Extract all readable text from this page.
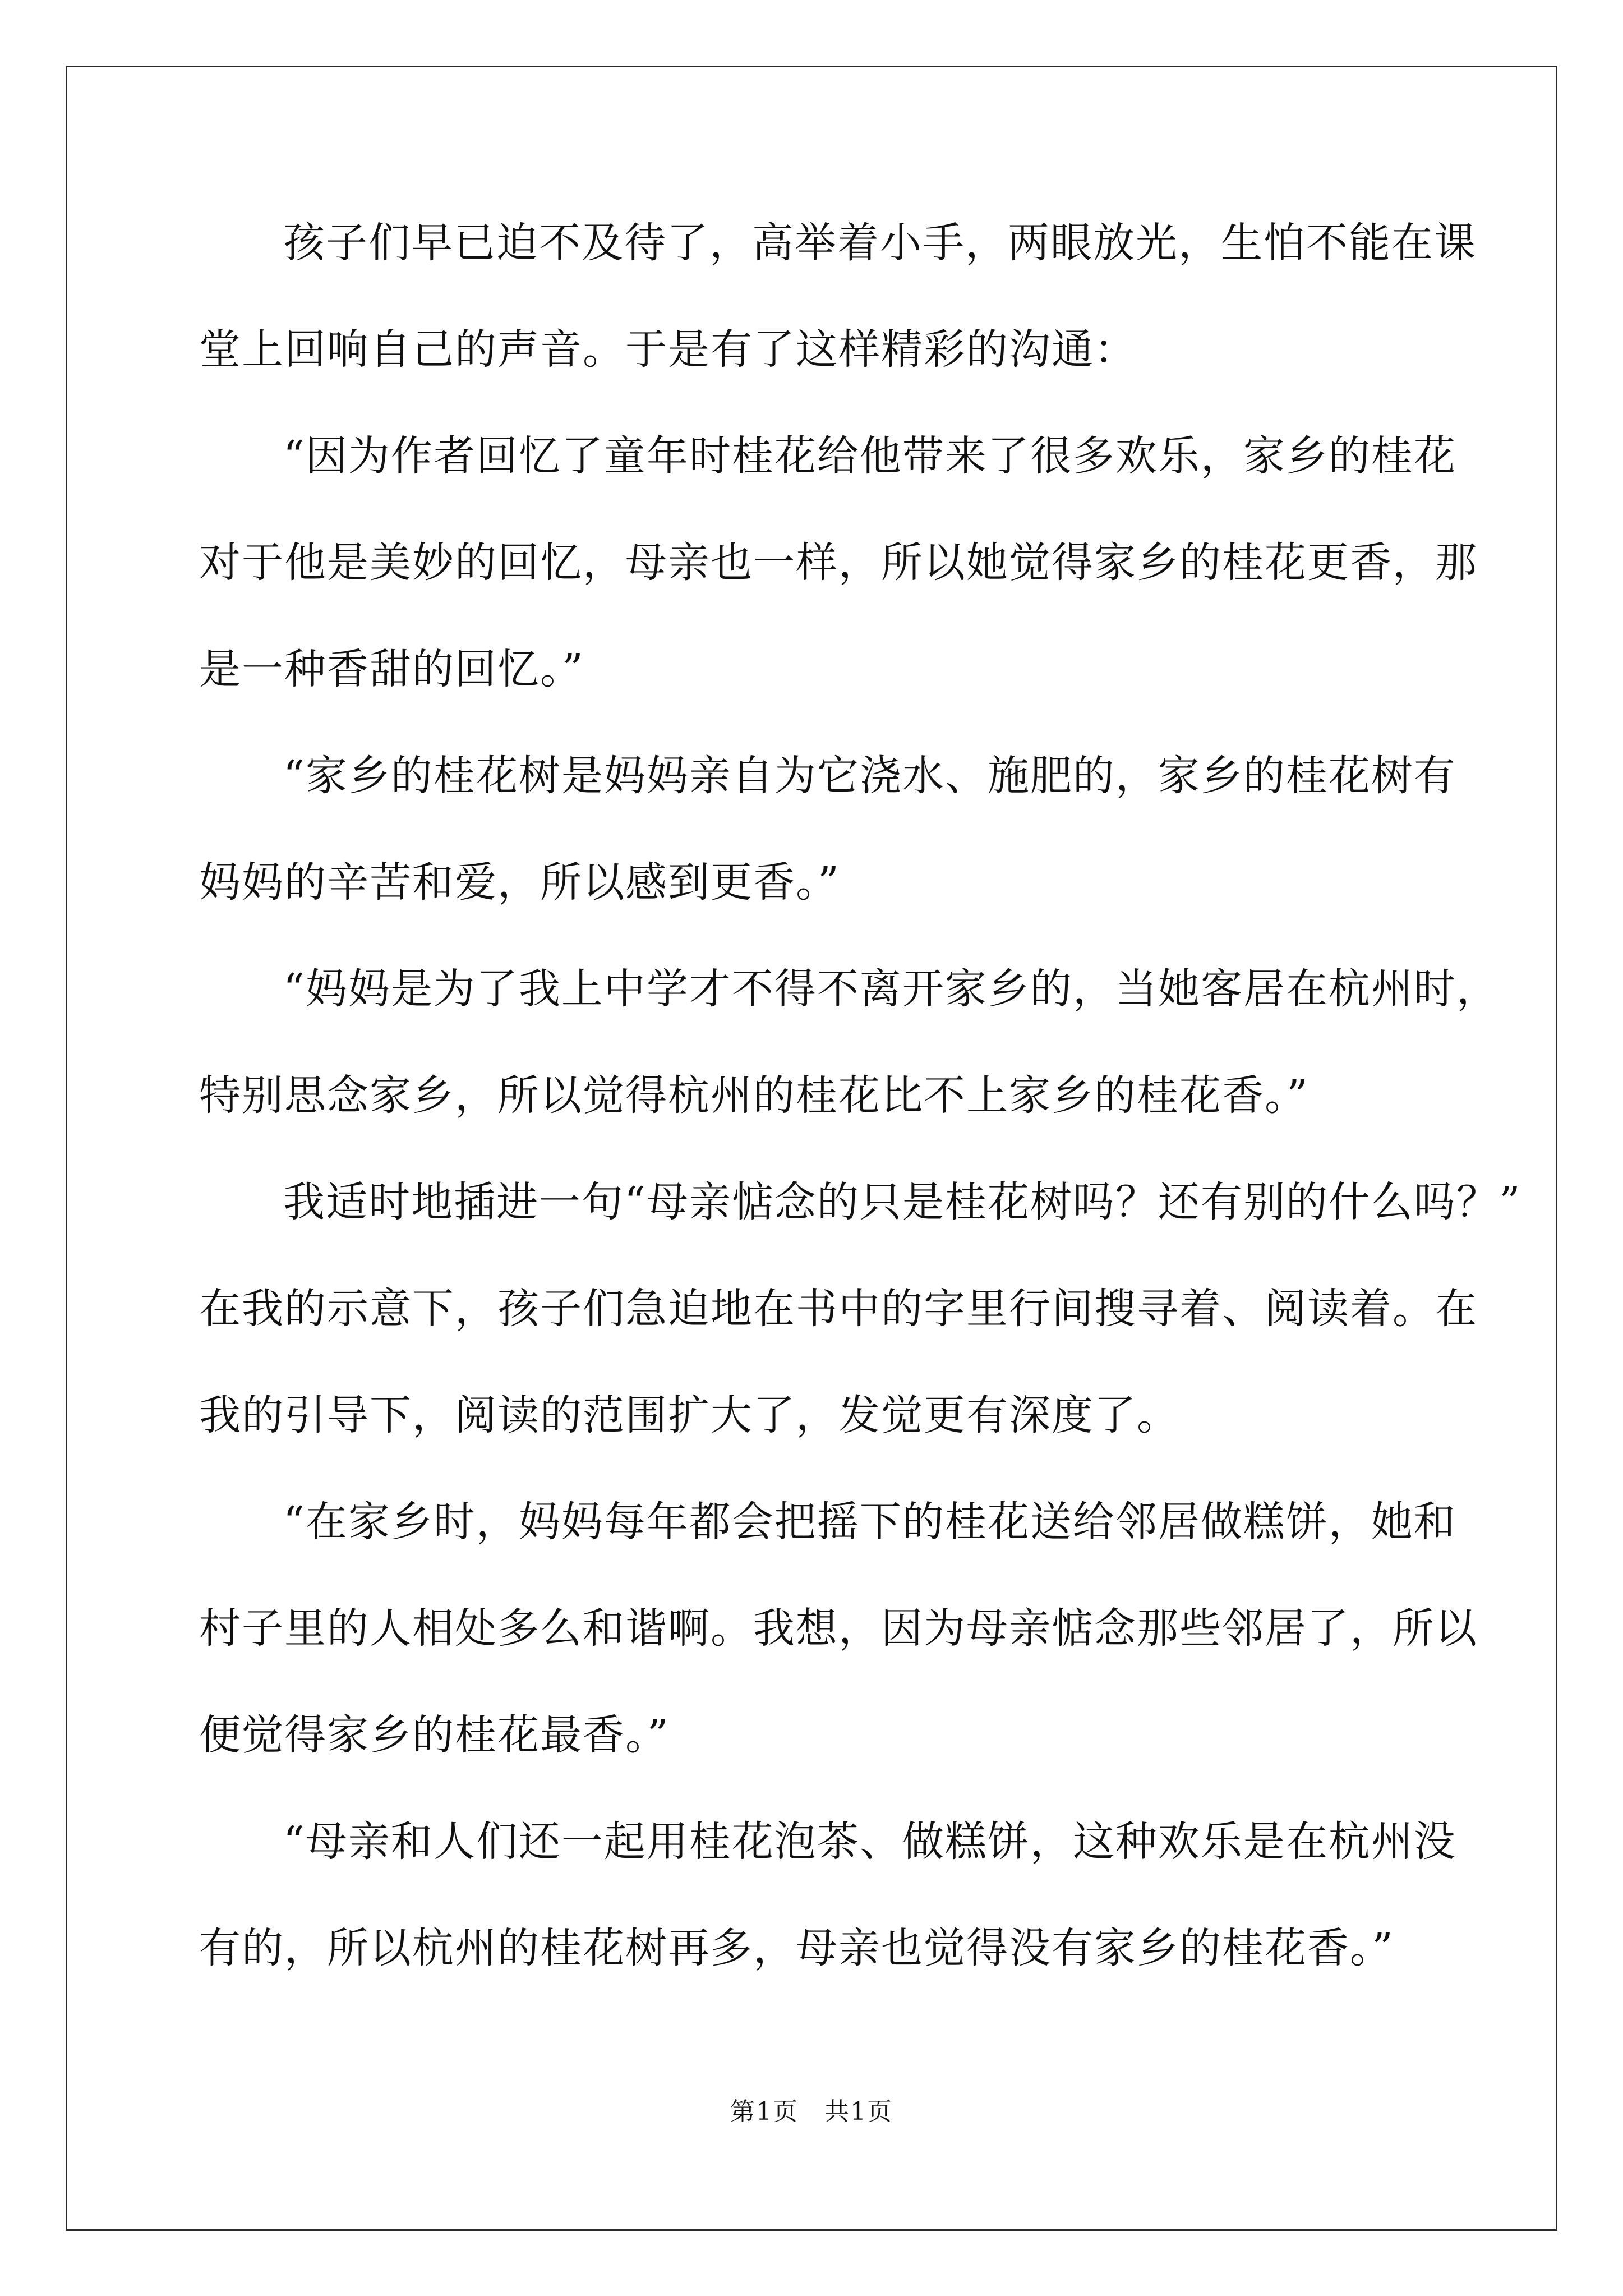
孩子们早已迫不及待了，高举着小手，两眼放光，生怕不能在课
堂上回响自己的声音。于是有了这样精彩的沟通：
“因为作者回忆了童年时桂花给他带来了很多欢乐，家乡的桂花
对于他是美妙的回忆，母亲也一样，所以她觉得家乡的桂花更香，那
是一种香甜的回忆。”
“家乡的桂花树是妈妈亲自为它浇水、施肥的，家乡的桂花树有
妈妈的辛苦和爱，所以感到更香。”
“妈妈是为了我上中学才不得不离开家乡的，当她客居在杭州时，
特别思念家乡，所以觉得杭州的桂花比不上家乡的桂花香。”
我适时地插进一句“母亲惦念的只是桂花树吗？还有别的什么吗？”
在我的示意下，孩子们急迫地在书中的字里行间搜寻着、阅读着。在
我的引导下，阅读的范围扩大了，发觉更有深度了。
“在家乡时，妈妈每年都会把摇下的桂花送给邻居做糕饼，她和
村子里的人相处多么和谐啊。我想，因为母亲惦念那些邻居了，所以
便觉得家乡的桂花最香。”
“母亲和人们还一起用桂花泡茶、做糕饼，这种欢乐是在杭州没
有的，所以杭州的桂花树再多，母亲也觉得没有家乡的桂花香。”
第1页 共1页
